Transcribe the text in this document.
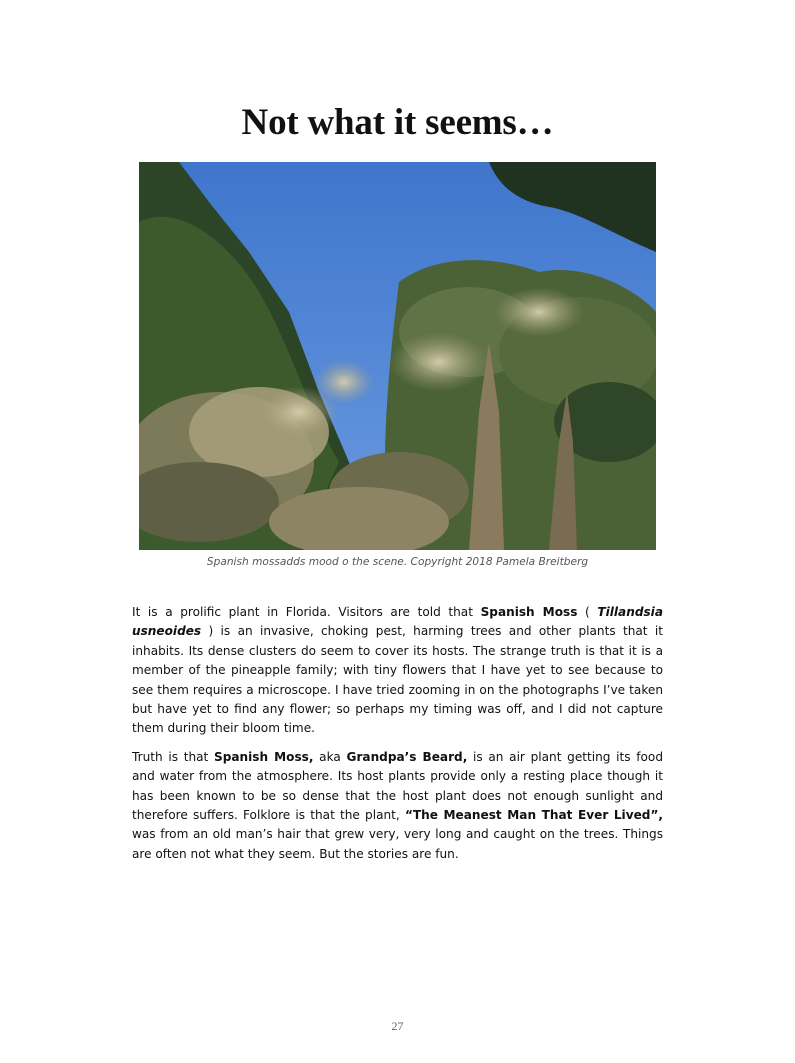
Not what it seems…
Spanish mossadds mood o the scene. Copyright 2018 Pamela Breitberg

It is a prolific plant in Florida. Visitors are told that Spanish Moss ( Tillandsia usneoides ) is an invasive, choking pest, harming trees and other plants that it inhabits. Its dense clusters do seem to cover its hosts. The strange truth is that it is a member of the pineapple family; with tiny flowers that I have yet to see because to see them requires a microscope. I have tried zooming in on the photographs I’ve taken but have yet to find any flower; so perhaps my timing was off, and I did not capture them during their bloom time.

Truth is that Spanish Moss, aka Grandpa’s Beard, is an air plant getting its food and water from the atmosphere. Its host plants provide only a resting place though it has been known to be so dense that the host plant does not enough sunlight and therefore suffers. Folklore is that the plant, “The Meanest Man That Ever Lived”, was from an old man’s hair that grew very, very long and caught on the trees. Things are often not what they seem. But the stories are fun.

27
